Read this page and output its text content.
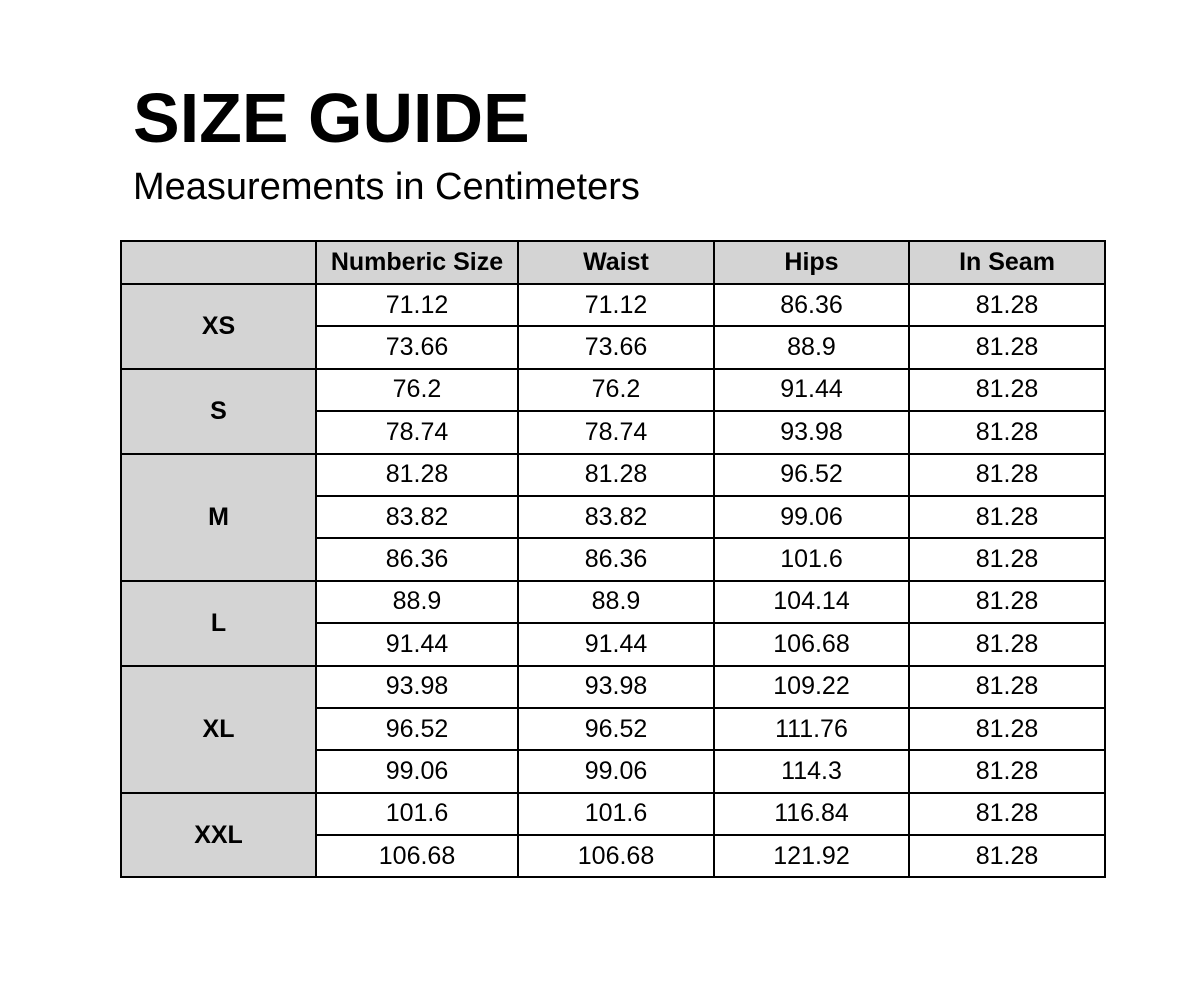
SIZE GUIDE
Measurements in Centimeters
	Numberic Size	Waist	Hips	In Seam
XS	71.12	71.12	86.36	81.28
	73.66	73.66	88.9	81.28
S	76.2	76.2	91.44	81.28
	78.74	78.74	93.98	81.28
M	81.28	81.28	96.52	81.28
	83.82	83.82	99.06	81.28
	86.36	86.36	101.6	81.28
L	88.9	88.9	104.14	81.28
	91.44	91.44	106.68	81.28
XL	93.98	93.98	109.22	81.28
	96.52	96.52	111.76	81.28
	99.06	99.06	114.3	81.28
XXL	101.6	101.6	116.84	81.28
	106.68	106.68	121.92	81.28
